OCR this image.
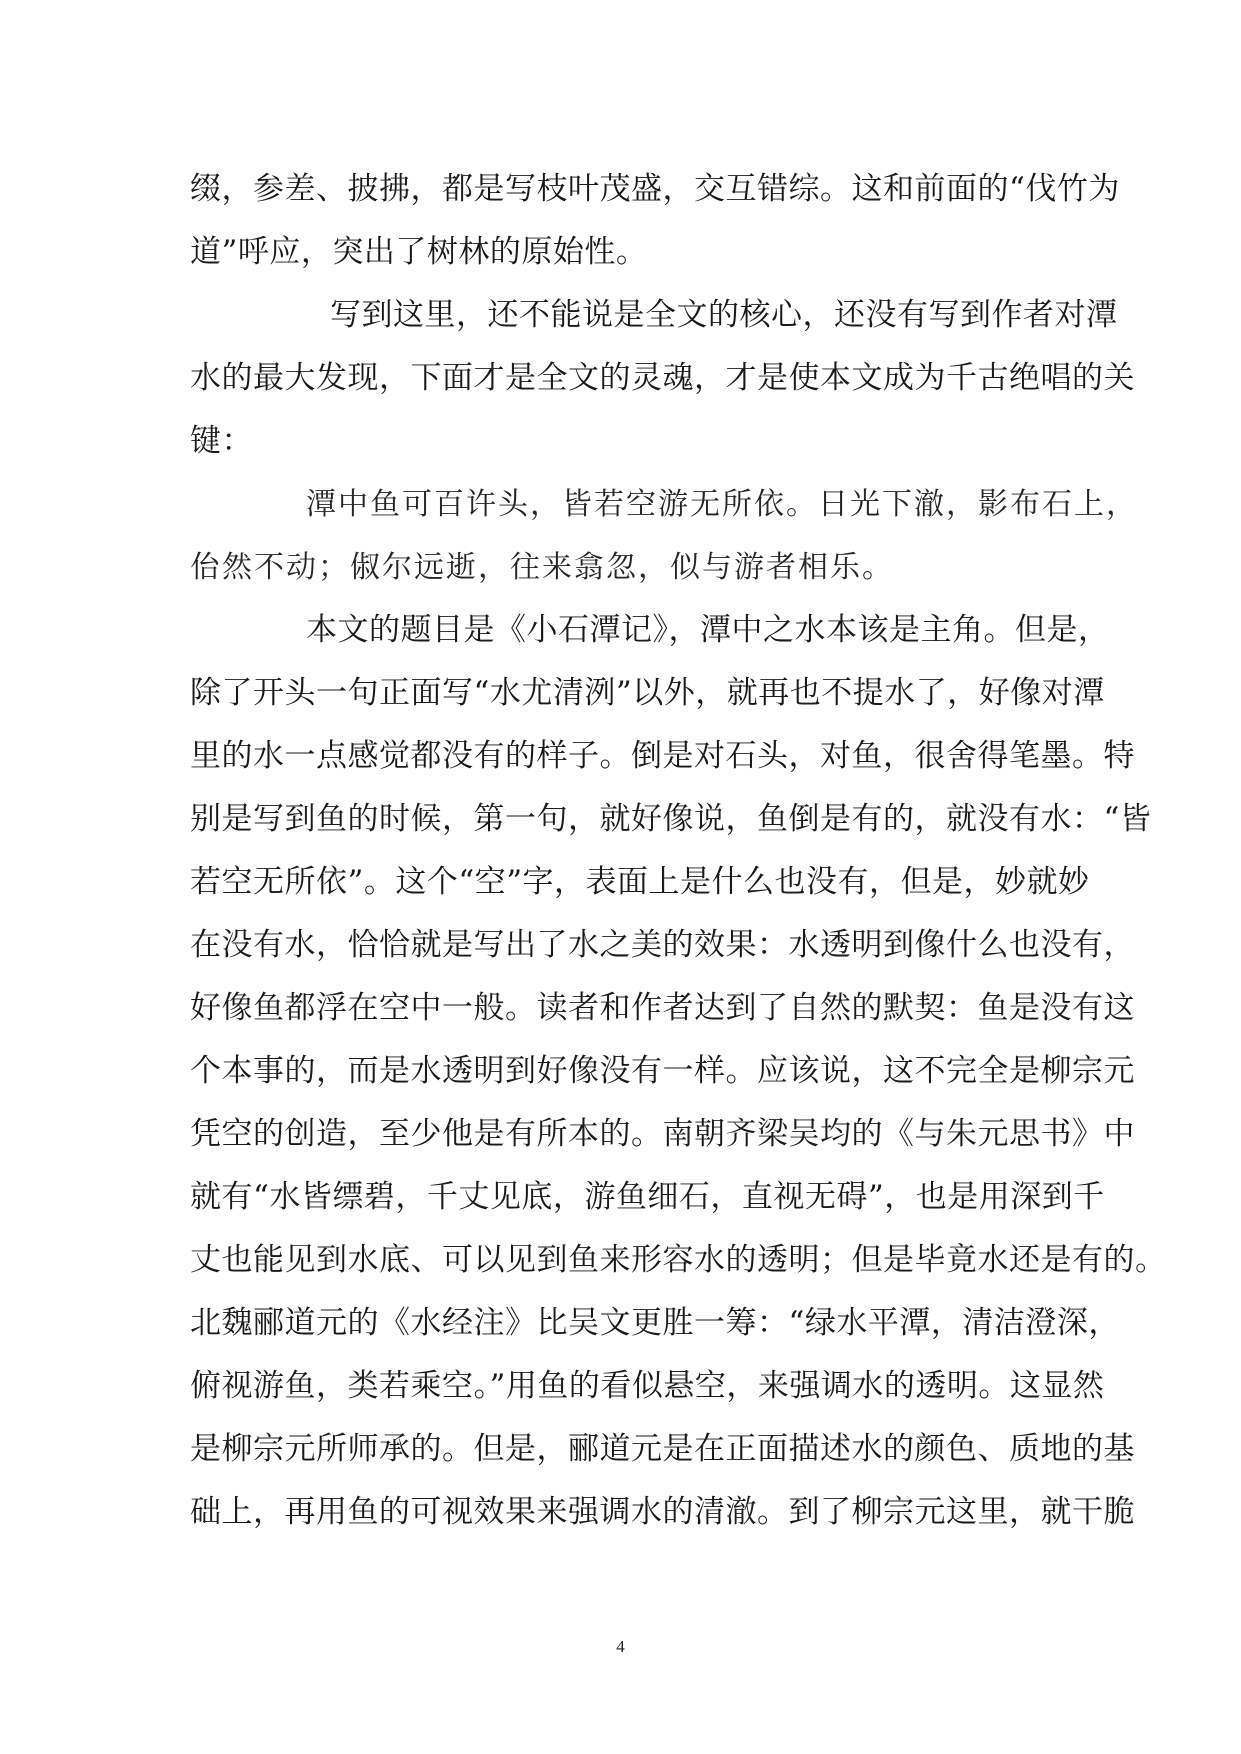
缀，参差、披拂，都是写枝叶茂盛，交互错综。这和前面的“伐竹为
道”呼应，突出了树林的原始性。
写到这里，还不能说是全文的核心，还没有写到作者对潭
水的最大发现，下面才是全文的灵魂，才是使本文成为千古绝唱的关
键：
潭中鱼可百许头，皆若空游无所依。日光下澈，影布石上，
佁然不动；俶尔远逝，往来翕忽，似与游者相乐。
本文的题目是《小石潭记》，潭中之水本该是主角。但是，
除了开头一句正面写“水尤清洌”以外，就再也不提水了，好像对潭
里的水一点感觉都没有的样子。倒是对石头，对鱼，很舍得笔墨。特
别是写到鱼的时候，第一句，就好像说，鱼倒是有的，就没有水：“皆
若空无所依”。这个“空”字，表面上是什么也没有，但是，妙就妙
在没有水，恰恰就是写出了水之美的效果：水透明到像什么也没有，
好像鱼都浮在空中一般。读者和作者达到了自然的默契：鱼是没有这
个本事的，而是水透明到好像没有一样。应该说，这不完全是柳宗元
凭空的创造，至少他是有所本的。南朝齐梁吴均的《与朱元思书》中
就有“水皆缥碧，千丈见底，游鱼细石，直视无碍”，也是用深到千
丈也能见到水底、可以见到鱼来形容水的透明；但是毕竟水还是有的。
北魏郦道元的《水经注》比吴文更胜一筹：“绿水平潭，清洁澄深，
俯视游鱼，类若乘空。”用鱼的看似悬空，来强调水的透明。这显然
是柳宗元所师承的。但是，郦道元是在正面描述水的颜色、质地的基
础上，再用鱼的可视效果来强调水的清澈。到了柳宗元这里，就干脆
4
